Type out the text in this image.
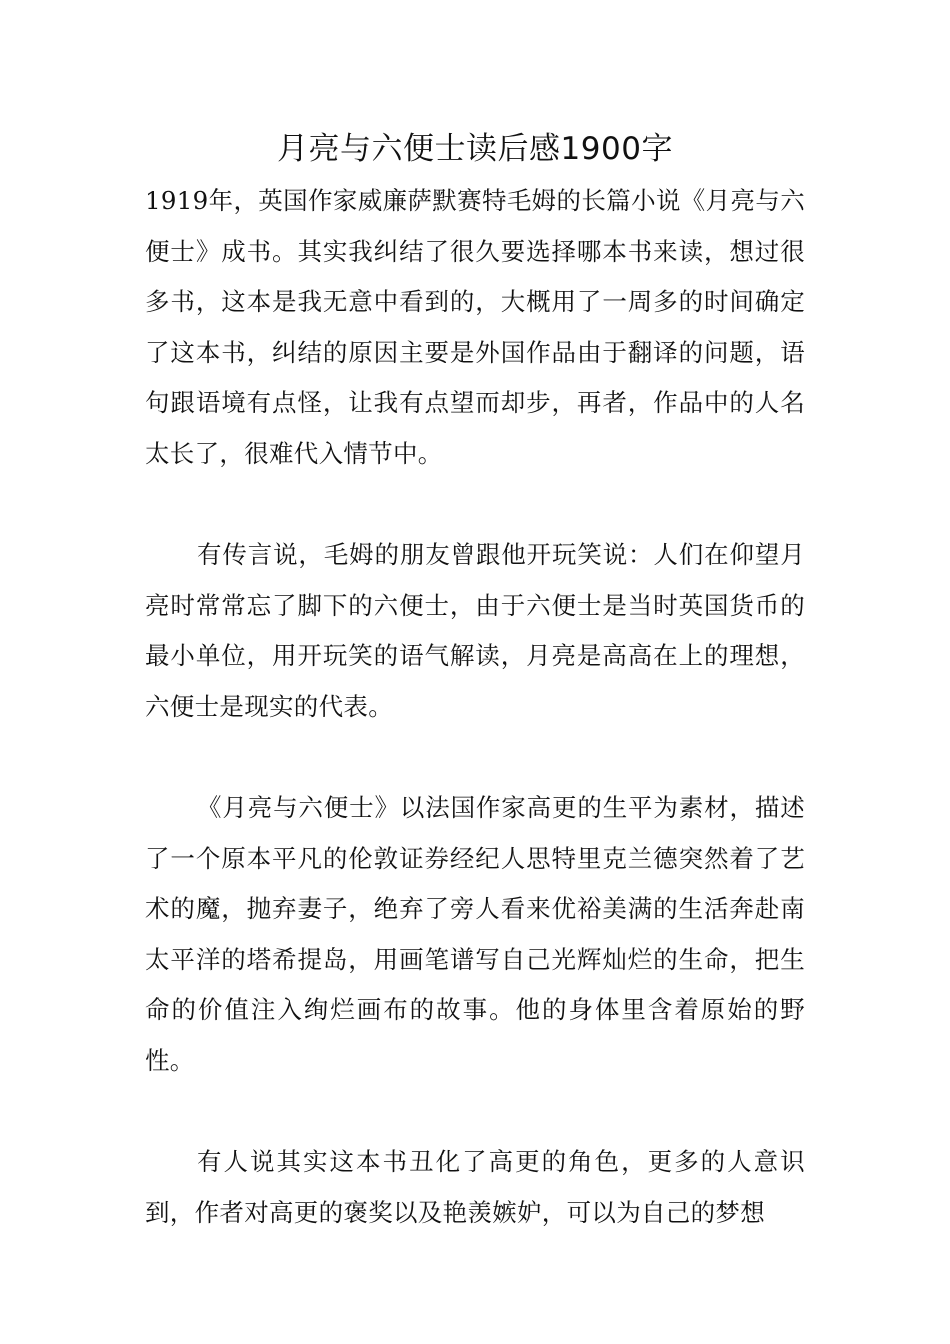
月亮与六便士读后感1900字

1919年，英国作家威廉萨默赛特毛姆的长篇小说《月亮与六便士》成书。其实我纠结了很久要选择哪本书来读，想过很多书，这本是我无意中看到的，大概用了一周多的时间确定了这本书，纠结的原因主要是外国作品由于翻译的问题，语句跟语境有点怪，让我有点望而却步，再者，作品中的人名太长了，很难代入情节中。

有传言说，毛姆的朋友曾跟他开玩笑说：人们在仰望月亮时常常忘了脚下的六便士，由于六便士是当时英国货币的最小单位，用开玩笑的语气解读，月亮是高高在上的理想，六便士是现实的代表。

《月亮与六便士》以法国作家高更的生平为素材，描述了一个原本平凡的伦敦证券经纪人思特里克兰德突然着了艺术的魔，抛弃妻子，绝弃了旁人看来优裕美满的生活奔赴南太平洋的塔希提岛，用画笔谱写自己光辉灿烂的生命，把生命的价值注入绚烂画布的故事。他的身体里含着原始的野性。

有人说其实这本书丑化了高更的角色，更多的人意识到，作者对高更的褒奖以及艳羡嫉妒，可以为自己的梦想
